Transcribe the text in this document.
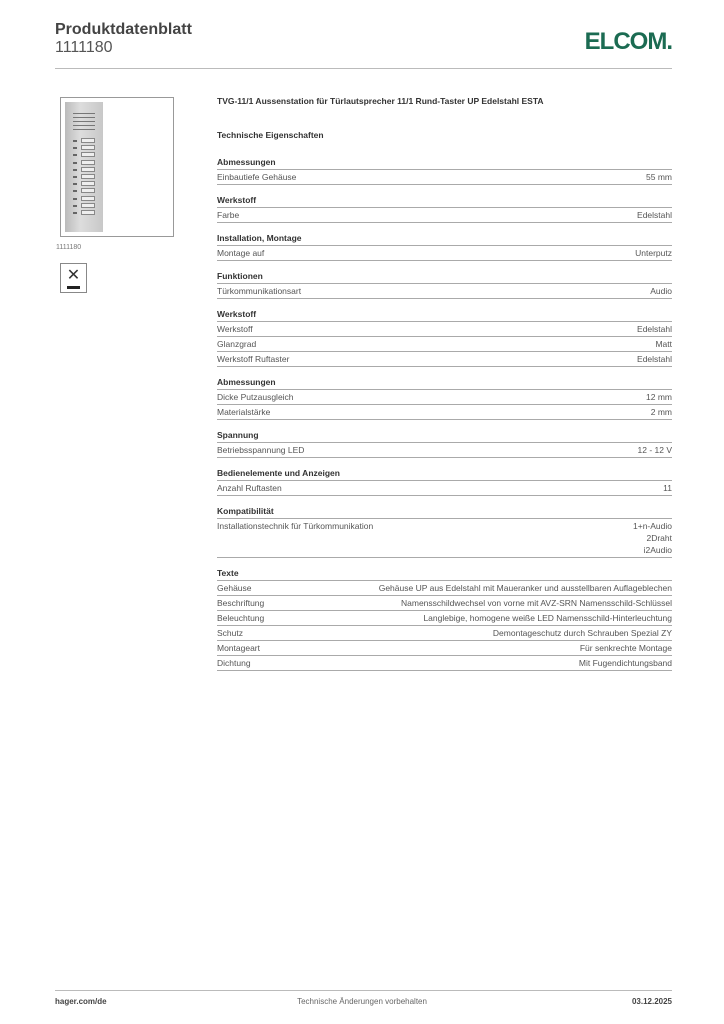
Produktdatenblatt
1111180	ELCOM.
1111180
✕
TVG-11/1 Aussenstation für Türlautsprecher 11/1 Rund-Taster UP Edelstahl ESTA
Technische Eigenschaften
Abmessungen
Einbautiefe Gehäuse	55 mm
Werkstoff
Farbe	Edelstahl
Installation, Montage
Montage auf	Unterputz
Funktionen
Türkommunikationsart	Audio
Werkstoff
Werkstoff	Edelstahl
Glanzgrad	Matt
Werkstoff Ruftaster	Edelstahl
Abmessungen
Dicke Putzausgleich	12 mm
Materialstärke	2 mm
Spannung
Betriebsspannung LED	12 - 12 V
Bedienelemente und Anzeigen
Anzahl Ruftasten	11
Kompatibilität
Installationstechnik für Türkommunikation	1+n-Audio
2Draht
i2Audio
Texte
Gehäuse	Gehäuse UP aus Edelstahl mit Maueranker und ausstellbaren Auflageblechen
Beschriftung	Namensschildwechsel von vorne mit AVZ-SRN Namensschild-Schlüssel
Beleuchtung	Langlebige, homogene weiße LED Namensschild-Hinterleuchtung
Schutz	Demontageschutz durch Schrauben Spezial ZY
Montageart	Für senkrechte Montage
Dichtung	Mit Fugendichtungsband
hager.com/de	Technische Änderungen vorbehalten	03.12.2025
